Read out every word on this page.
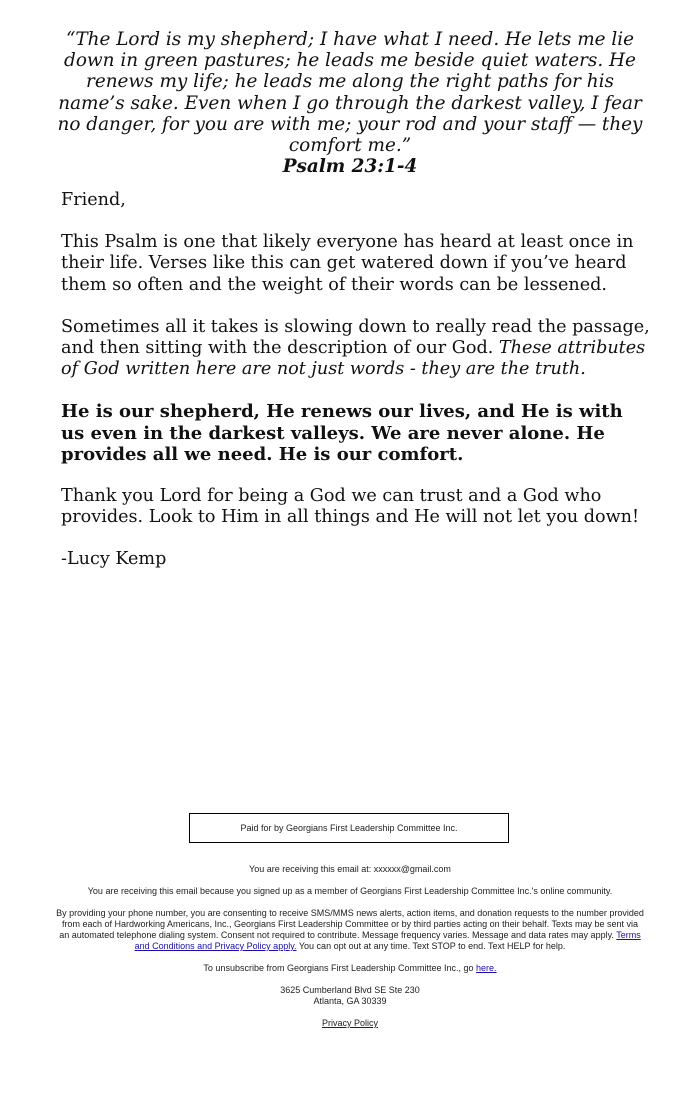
“The Lord is my shepherd; I have what I need. He lets me lie down in green pastures; he leads me beside quiet waters. He renews my life; he leads me along the right paths for his name’s sake. Even when I go through the darkest valley, I fear no danger, for you are with me; your rod and your staff — they comfort me.”
Psalm 23:1-4

Friend,

This Psalm is one that likely everyone has heard at least once in their life. Verses like this can get watered down if you’ve heard them so often and the weight of their words can be lessened.

Sometimes all it takes is slowing down to really read the passage, and then sitting with the description of our God. These attributes of God written here are not just words - they are the truth.

He is our shepherd, He renews our lives, and He is with us even in the darkest valleys. We are never alone. He provides all we need. He is our comfort.

Thank you Lord for being a God we can trust and a God who provides. Look to Him in all things and He will not let you down!

-Lucy Kemp

Paid for by Georgians First Leadership Committee Inc.

You are receiving this email at: xxxxxx@gmail.com

You are receiving this email because you signed up as a member of Georgians First Leadership Committee Inc.'s online community.

By providing your phone number, you are consenting to receive SMS/MMS news alerts, action items, and donation requests to the number provided from each of Hardworking Americans, Inc., Georgians First Leadership Committee or by third parties acting on their behalf. Texts may be sent via an automated telephone dialing system. Consent not required to contribute. Message frequency varies. Message and data rates may apply. Terms and Conditions and Privacy Policy apply. You can opt out at any time. Text STOP to end. Text HELP for help.

To unsubscribe from Georgians First Leadership Committee Inc., go here.

3625 Cumberland Blvd SE Ste 230
Atlanta, GA 30339

Privacy Policy
